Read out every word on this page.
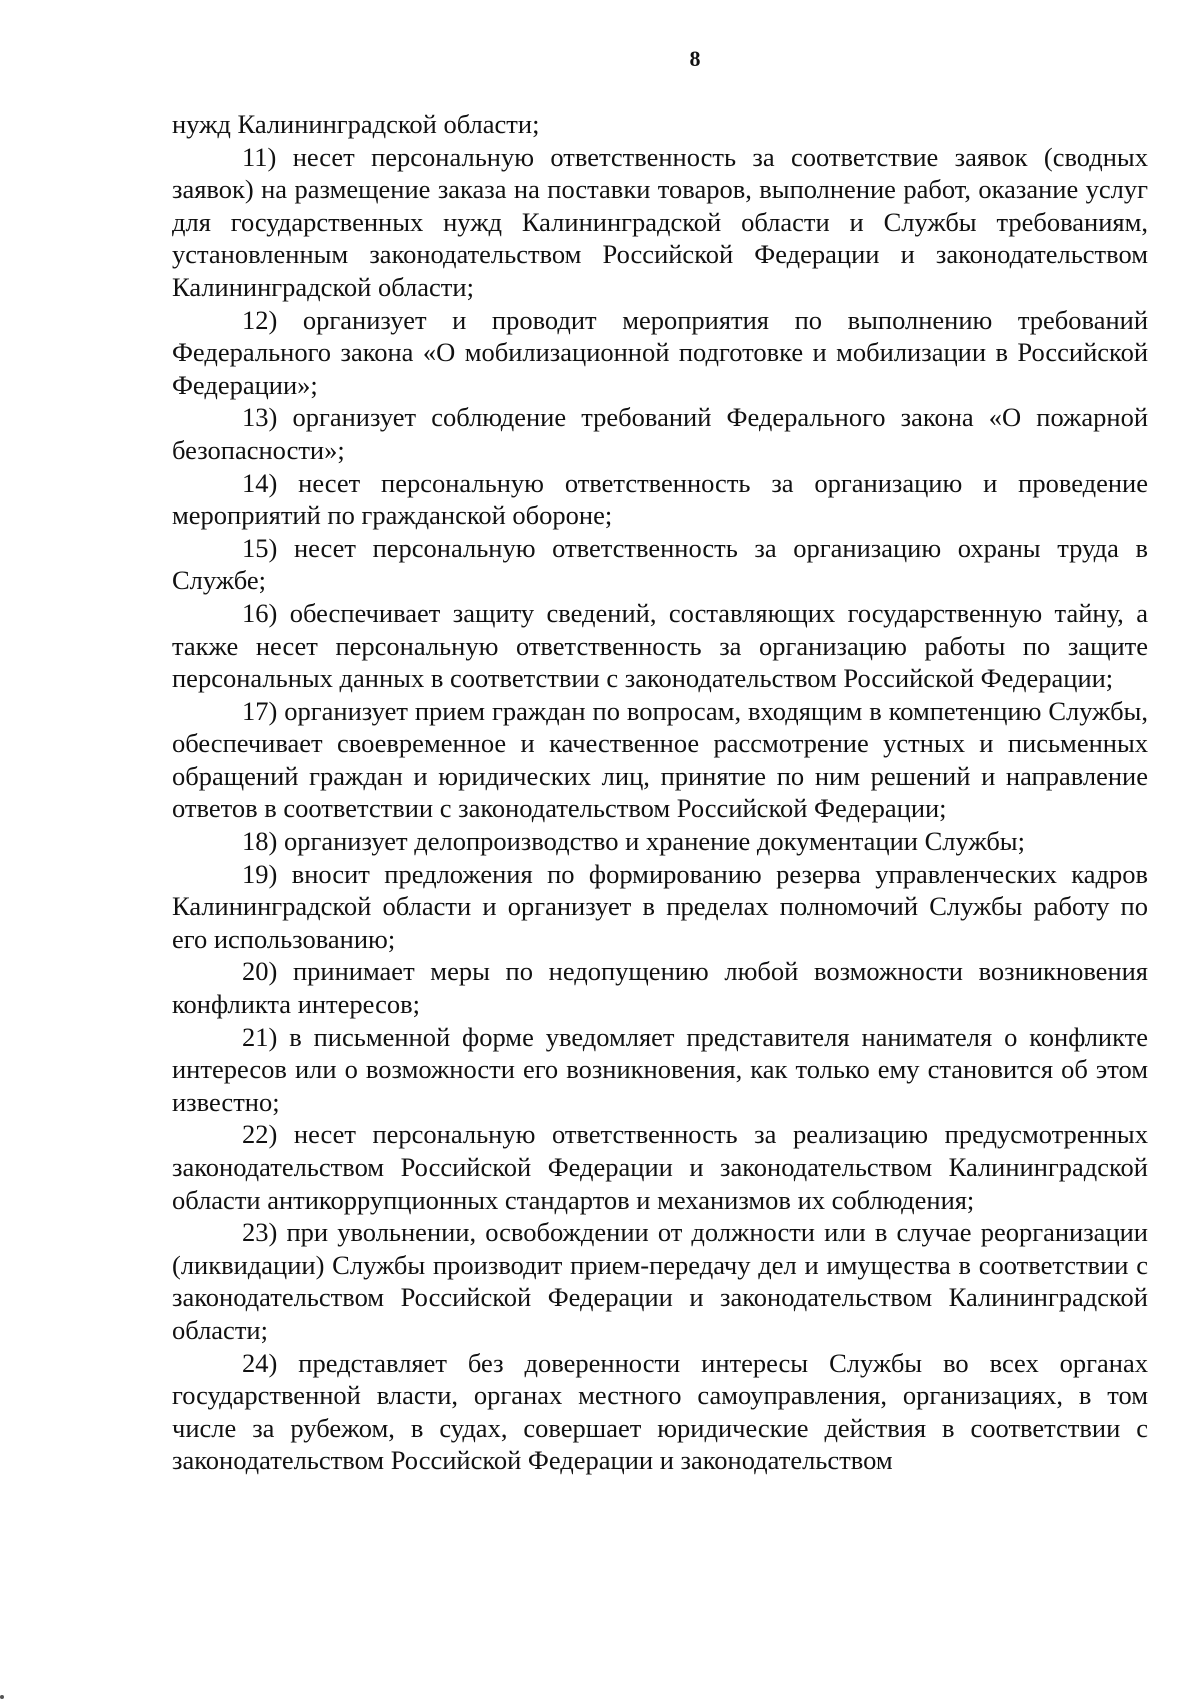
8

нужд Калининградской области;

11) несет персональную ответственность за соответствие заявок (сводных заявок) на размещение заказа на поставки товаров, выполнение работ, оказание услуг для государственных нужд Калининградской области и Службы требованиям, установленным законодательством Российской Федерации и законодательством Калининградской области;

12) организует и проводит мероприятия по выполнению требований Федерального закона «О мобилизационной подготовке и мобилизации в Российской Федерации»;

13) организует соблюдение требований Федерального закона «О пожарной безопасности»;

14) несет персональную ответственность за организацию и проведение мероприятий по гражданской обороне;

15) несет персональную ответственность за организацию охраны труда в Службе;

16) обеспечивает защиту сведений, составляющих государственную тайну, а также несет персональную ответственность за организацию работы по защите персональных данных в соответствии с законодательством Российской Федерации;

17) организует прием граждан по вопросам, входящим в компетенцию Службы, обеспечивает своевременное и качественное рассмотрение устных и письменных обращений граждан и юридических лиц, принятие по ним решений и направление ответов в соответствии с законодательством Российской Федерации;

18) организует делопроизводство и хранение документации Службы;

19) вносит предложения по формированию резерва управленческих кадров Калининградской области и организует в пределах полномочий Службы работу по его использованию;

20) принимает меры по недопущению любой возможности возникновения конфликта интересов;

21) в письменной форме уведомляет представителя нанимателя о конфликте интересов или о возможности его возникновения, как только ему становится об этом известно;

22) несет персональную ответственность за реализацию предусмотренных законодательством Российской Федерации и законодательством Калининградской области антикоррупционных стандартов и механизмов их соблюдения;

23) при увольнении, освобождении от должности или в случае реорганизации (ликвидации) Службы производит прием-передачу дел и имущества в соответствии с законодательством Российской Федерации и законодательством Калининградской области;

24) представляет без доверенности интересы Службы во всех органах государственной власти, органах местного самоуправления, организациях, в том числе за рубежом, в судах, совершает юридические действия в соответствии с законодательством Российской Федерации и законодательством
